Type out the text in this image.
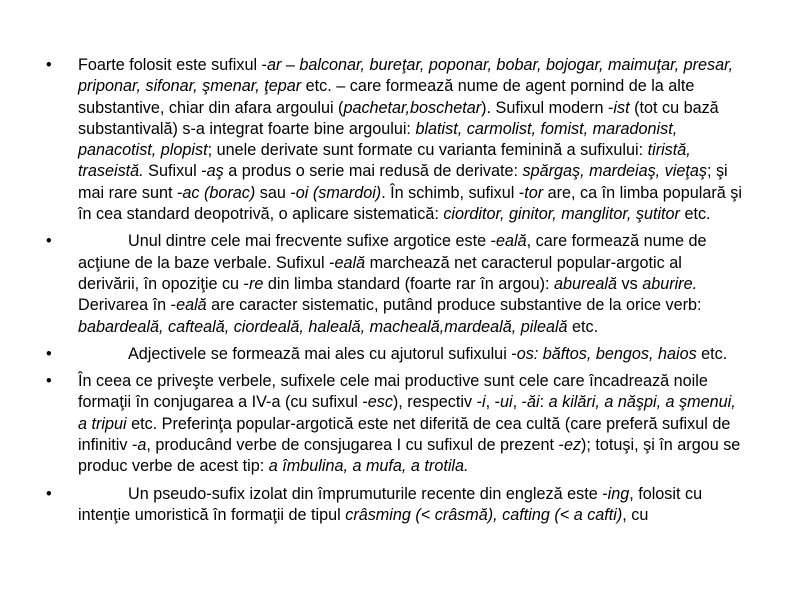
• Foarte folosit este sufixul -ar – balconar, bureţar, poponar, bobar, bojogar, maimuţar, presar, priponar, sifonar, şmenar, ţepar etc. – care formează nume de agent pornind de la alte substantive, chiar din afara argoului (pachetar,boschetar). Sufixul modern -ist (tot cu bază substantivală) s-a integrat foarte bine argoului: blatist, carmolist, fomist, maradonist, panacotist, plopist; unele derivate sunt formate cu varianta feminină a sufixului: tiristă, traseistă. Sufixul -aş a produs o serie mai redusă de derivate: spărgaş, mardeiaş, vieţaş; şi mai rare sunt -ac (borac) sau -oi (smardoi). În schimb, sufixul -tor are, ca în limba populară şi în cea standard deopotrivă, o aplicare sistematică: ciorditor, ginitor, manglitor, şutitor etc.
•	Unul dintre cele mai frecvente sufixe argotice este -eală, care formează nume de acţiune de la baze verbale. Sufixul -eală marchează net caracterul popular-argotic al derivării, în opoziţie cu -re din limba standard (foarte rar în argou): abureală vs aburire. Derivarea în -eală are caracter sistematic, putând produce substantive de la orice verb: babardeală, cafteală, ciordeală, haleală, macheală,mardeală, pileală etc.
•	Adjectivele se formează mai ales cu ajutorul sufixului -os: băftos, bengos, haios etc.
• În ceea ce priveşte verbele, sufixele cele mai productive sunt cele care încadrează noile formaţii în conjugarea a IV-a (cu sufixul -esc), respectiv -i, -ui, -ăi: a kilări, a năşpi, a şmenui, a tripui etc. Preferinţa popular-argotică este net diferită de cea cultă (care preferă sufixul de infinitiv -a, producând verbe de consjugarea I cu sufixul de prezent -ez); totuşi, şi în argou se produc verbe de acest tip: a îmbulina, a mufa, a trotila.
•	Un pseudo-sufix izolat din împrumuturile recente din engleză este -ing, folosit cu intenţie umoristică în formaţii de tipul crâsming (< crâsmă), cafting (< a cafti), cu
